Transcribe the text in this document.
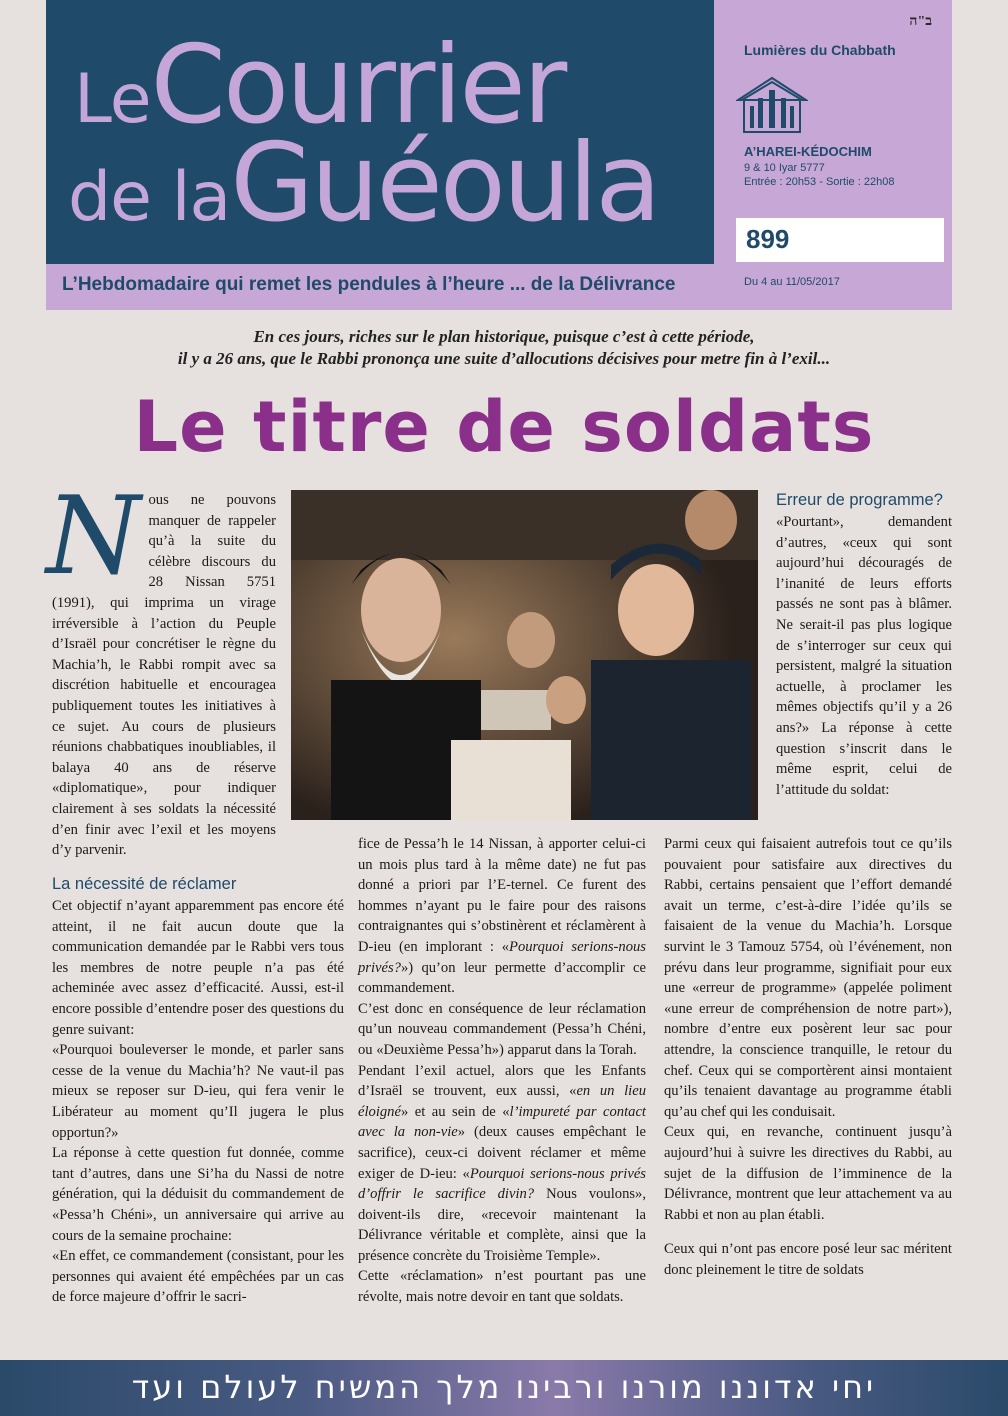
LeCourrier
de laGuéoula
L’Hebdomadaire qui remet les pendules à l’heure ... de la Délivrance
ב"ה
Lumières du Chabbath
A’HAREI-KÉDOCHIM
9 & 10 Iyar 5777
Entrée : 20h53 - Sortie : 22h08
899
Du 4 au 11/05/2017
En ces jours, riches sur le plan historique, puisque c’est à cette période,
il y a 26 ans, que le Rabbi prononça une suite d’allocutions décisives pour metre fin à l’exil...
Le titre de soldats

Nous ne pouvons manquer de rappeler qu’à la suite du célèbre discours du 28 Nissan 5751 (1991), qui imprima un virage irréversible à l’action du Peuple d’Israël pour concrétiser le règne du Machia’h, le Rabbi rompit avec sa discrétion habituelle et encouragea publiquement toutes les initiatives à ce sujet. Au cours de plusieurs réunions chabbatiques inoubliables, il balaya 40 ans de réserve «diplomatique», pour indiquer clairement à ses soldats la nécessité d’en finir avec l’exil et les moyens d’y parvenir.

La nécessité de réclamer

Cet objectif n’ayant apparemment pas encore été atteint, il ne fait aucun doute que la communication demandée par le Rabbi vers tous les membres de notre peuple n’a pas été acheminée avec assez d’efficacité. Aussi, est-il encore possible d’entendre poser des questions du genre suivant:

«Pourquoi bouleverser le monde, et parler sans cesse de la venue du Machia’h? Ne vaut-il pas mieux se reposer sur D-ieu, qui fera venir le Libérateur au moment qu’Il jugera le plus opportun?»

La réponse à cette question fut donnée, comme tant d’autres, dans une Si’ha du Nassi de notre génération, qui la déduisit du commandement de «Pessa’h Chéni», un anniversaire qui arrive au cours de la semaine prochaine:

«En effet, ce commandement (consistant, pour les personnes qui avaient été empêchées par un cas de force majeure d’offrir le sacri-

fice de Pessa’h le 14 Nissan, à apporter celui-ci un mois plus tard à la même date) ne fut pas donné a priori par l’E-ternel. Ce furent des hommes n’ayant pu le faire pour des raisons contraignantes qui s’obstinèrent et réclamèrent à D-ieu (en implorant : «Pourquoi serions-nous privés?») qu’on leur permette d’accomplir ce commandement.

C’est donc en conséquence de leur réclamation qu’un nouveau commandement (Pessa’h Chéni, ou «Deuxième Pessa’h») apparut dans la Torah.

Pendant l’exil actuel, alors que les Enfants d’Israël se trouvent, eux aussi, «en un lieu éloigné» et au sein de «l’impureté par contact avec la non-vie» (deux causes empêchant le sacrifice), ceux-ci doivent réclamer et même exiger de D-ieu: «Pourquoi serions-nous privés d’offrir le sacrifice divin? Nous voulons», doivent-ils dire, «recevoir maintenant la Délivrance véritable et complète, ainsi que la présence concrète du Troisième Temple».

Cette «réclamation» n’est pourtant pas une révolte, mais notre devoir en tant que soldats.

Erreur de programme?

«Pourtant», demandent d’autres, «ceux qui sont aujourd’hui découragés de l’inanité de leurs efforts passés ne sont pas à blâmer. Ne serait-il pas plus logique de s’interroger sur ceux qui persistent, malgré la situation actuelle, à proclamer les mêmes objectifs qu’il y a 26 ans?» La réponse à cette question s’inscrit dans le même esprit, celui de l’attitude du soldat:

Parmi ceux qui faisaient autrefois tout ce qu’ils pouvaient pour satisfaire aux directives du Rabbi, certains pensaient que l’effort demandé avait un terme, c’est-à-dire l’idée qu’ils se faisaient de la venue du Machia’h. Lorsque survint le 3 Tamouz 5754, où l’événement, non prévu dans leur programme, signifiait pour eux une «erreur de programme» (appelée poliment «une erreur de compréhension de notre part»), nombre d’entre eux posèrent leur sac pour attendre, la conscience tranquille, le retour du chef. Ceux qui se comportèrent ainsi montaient qu’ils tenaient davantage au programme établi qu’au chef qui les conduisait.

Ceux qui, en revanche, continuent jusqu’à aujourd’hui à suivre les directives du Rabbi, au sujet de la diffusion de l’imminence de la Délivrance, montrent que leur attachement va au Rabbi et non au plan établi.

Ceux qui n’ont pas encore posé leur sac méritent donc pleinement le titre de soldats

יחי אדוננו מורנו ורבינו מלך המשיח לעולם ועד
